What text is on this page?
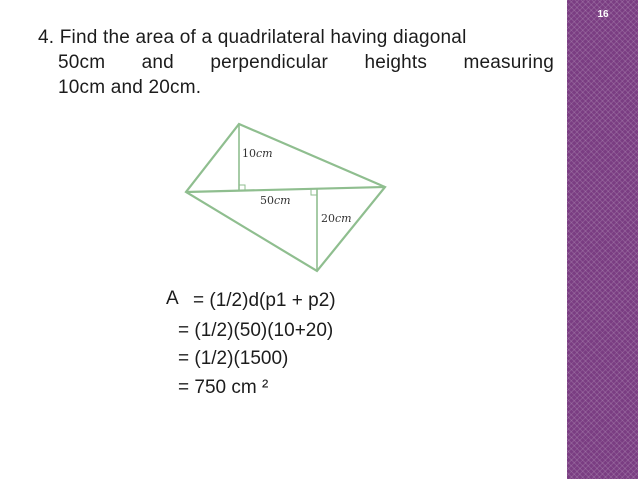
16
4. Find the area of a quadrilateral having diagonal
50cm and perpendicular heights measuring
10cm and 20cm.
10cm
50cm
20cm
A = (1/2)d(p1 + p2)
= (1/2)(50)(10+20)
= (1/2)(1500)
= 750 cm ²
